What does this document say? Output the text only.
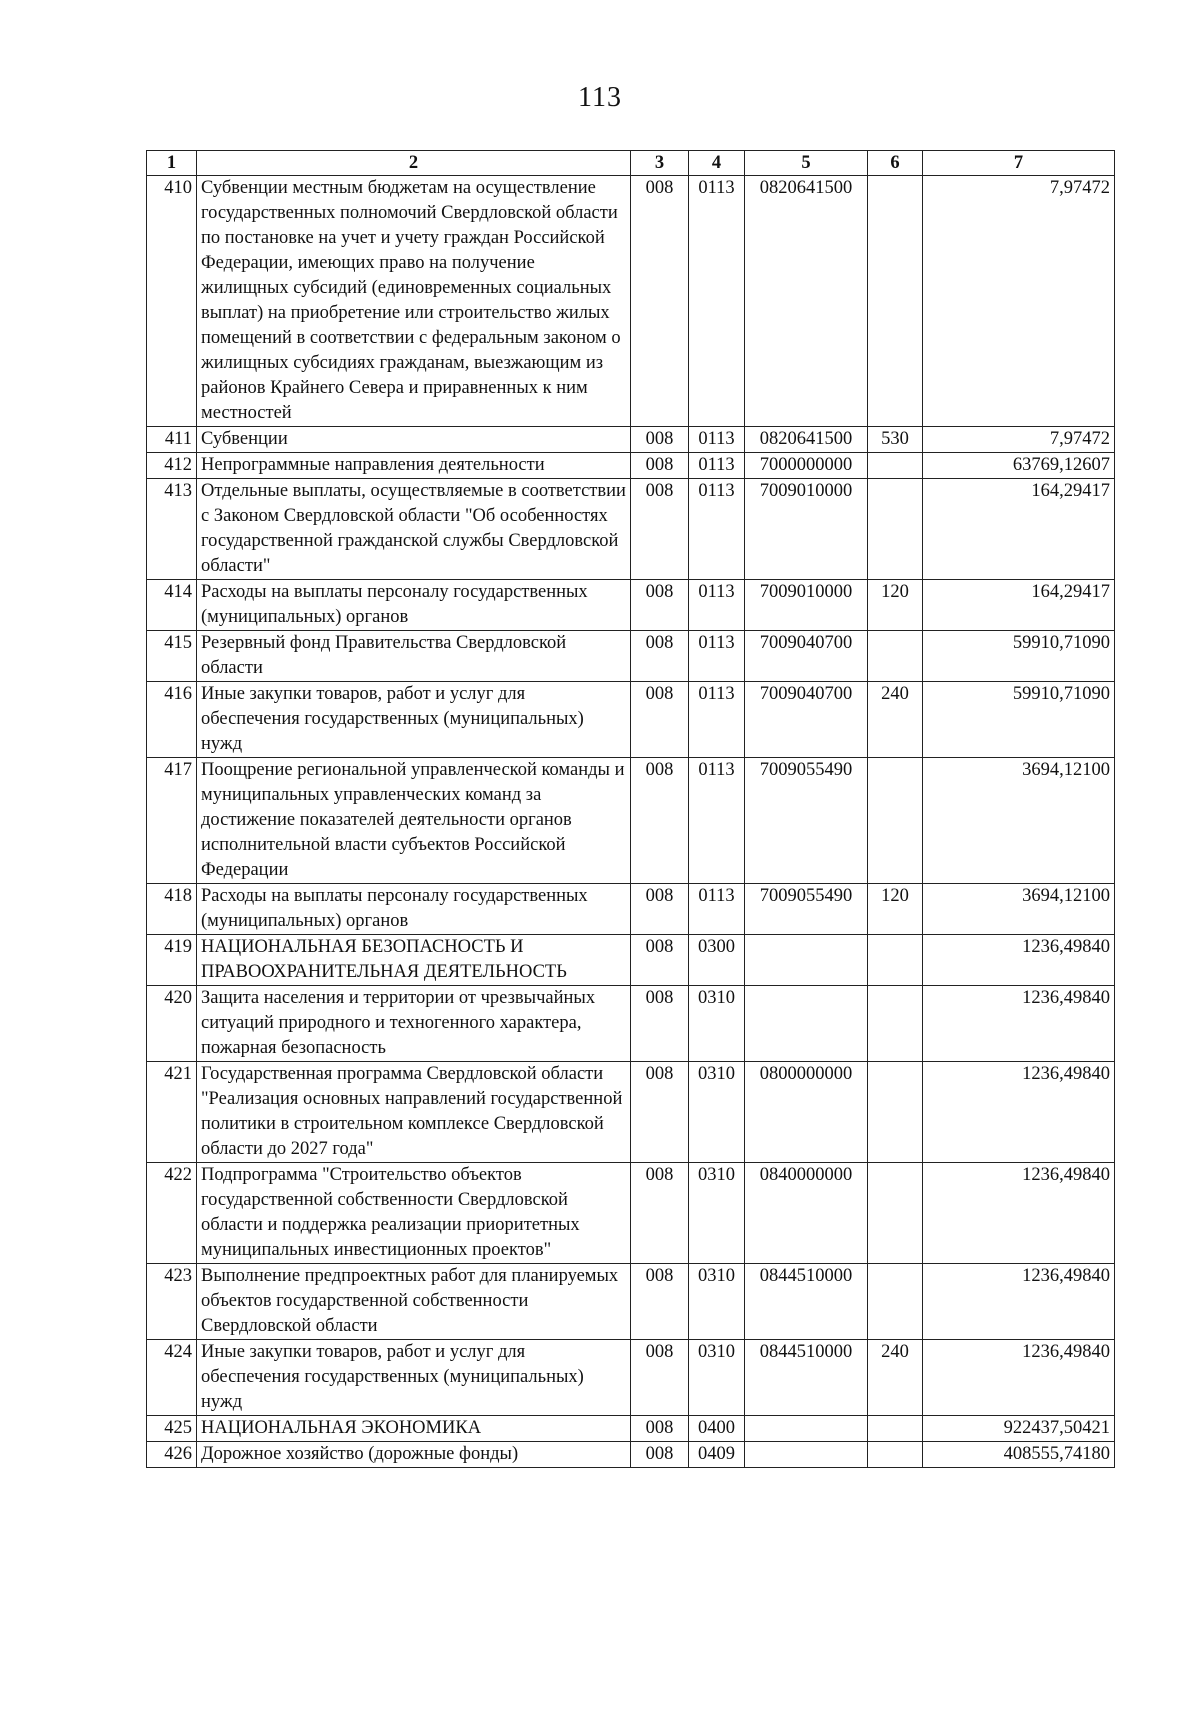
113
1	2	3	4	5	6	7
410	Субвенции местным бюджетам на осуществление государственных полномочий Свердловской области по постановке на учет и учету граждан Российской Федерации, имеющих право на получение жилищных субсидий (единовременных социальных выплат) на приобретение или строительство жилых помещений в соответствии с федеральным законом о жилищных субсидиях гражданам, выезжающим из районов Крайнего Севера и приравненных к ним местностей	008	0113	0820641500		7,97472
411	Субвенции	008	0113	0820641500	530	7,97472
412	Непрограммные направления деятельности	008	0113	7000000000		63769,12607
413	Отдельные выплаты, осуществляемые в соответствии с Законом Свердловской области "Об особенностях государственной гражданской службы Свердловской области"	008	0113	7009010000		164,29417
414	Расходы на выплаты персоналу государственных (муниципальных) органов	008	0113	7009010000	120	164,29417
415	Резервный фонд Правительства Свердловской области	008	0113	7009040700		59910,71090
416	Иные закупки товаров, работ и услуг для обеспечения государственных (муниципальных) нужд	008	0113	7009040700	240	59910,71090
417	Поощрение региональной управленческой команды и муниципальных управленческих команд за достижение показателей деятельности органов исполнительной власти субъектов Российской Федерации	008	0113	7009055490		3694,12100
418	Расходы на выплаты персоналу государственных (муниципальных) органов	008	0113	7009055490	120	3694,12100
419	НАЦИОНАЛЬНАЯ БЕЗОПАСНОСТЬ И ПРАВООХРАНИТЕЛЬНАЯ ДЕЯТЕЛЬНОСТЬ	008	0300			1236,49840
420	Защита населения и территории от чрезвычайных ситуаций природного и техногенного характера, пожарная безопасность	008	0310			1236,49840
421	Государственная программа Свердловской области "Реализация основных направлений государственной политики в строительном комплексе Свердловской области до 2027 года"	008	0310	0800000000		1236,49840
422	Подпрограмма "Строительство объектов государственной собственности Свердловской области и поддержка реализации приоритетных муниципальных инвестиционных проектов"	008	0310	0840000000		1236,49840
423	Выполнение предпроектных работ для планируемых объектов государственной собственности Свердловской области	008	0310	0844510000		1236,49840
424	Иные закупки товаров, работ и услуг для обеспечения государственных (муниципальных) нужд	008	0310	0844510000	240	1236,49840
425	НАЦИОНАЛЬНАЯ ЭКОНОМИКА	008	0400			922437,50421
426	Дорожное хозяйство (дорожные фонды)	008	0409			408555,74180
